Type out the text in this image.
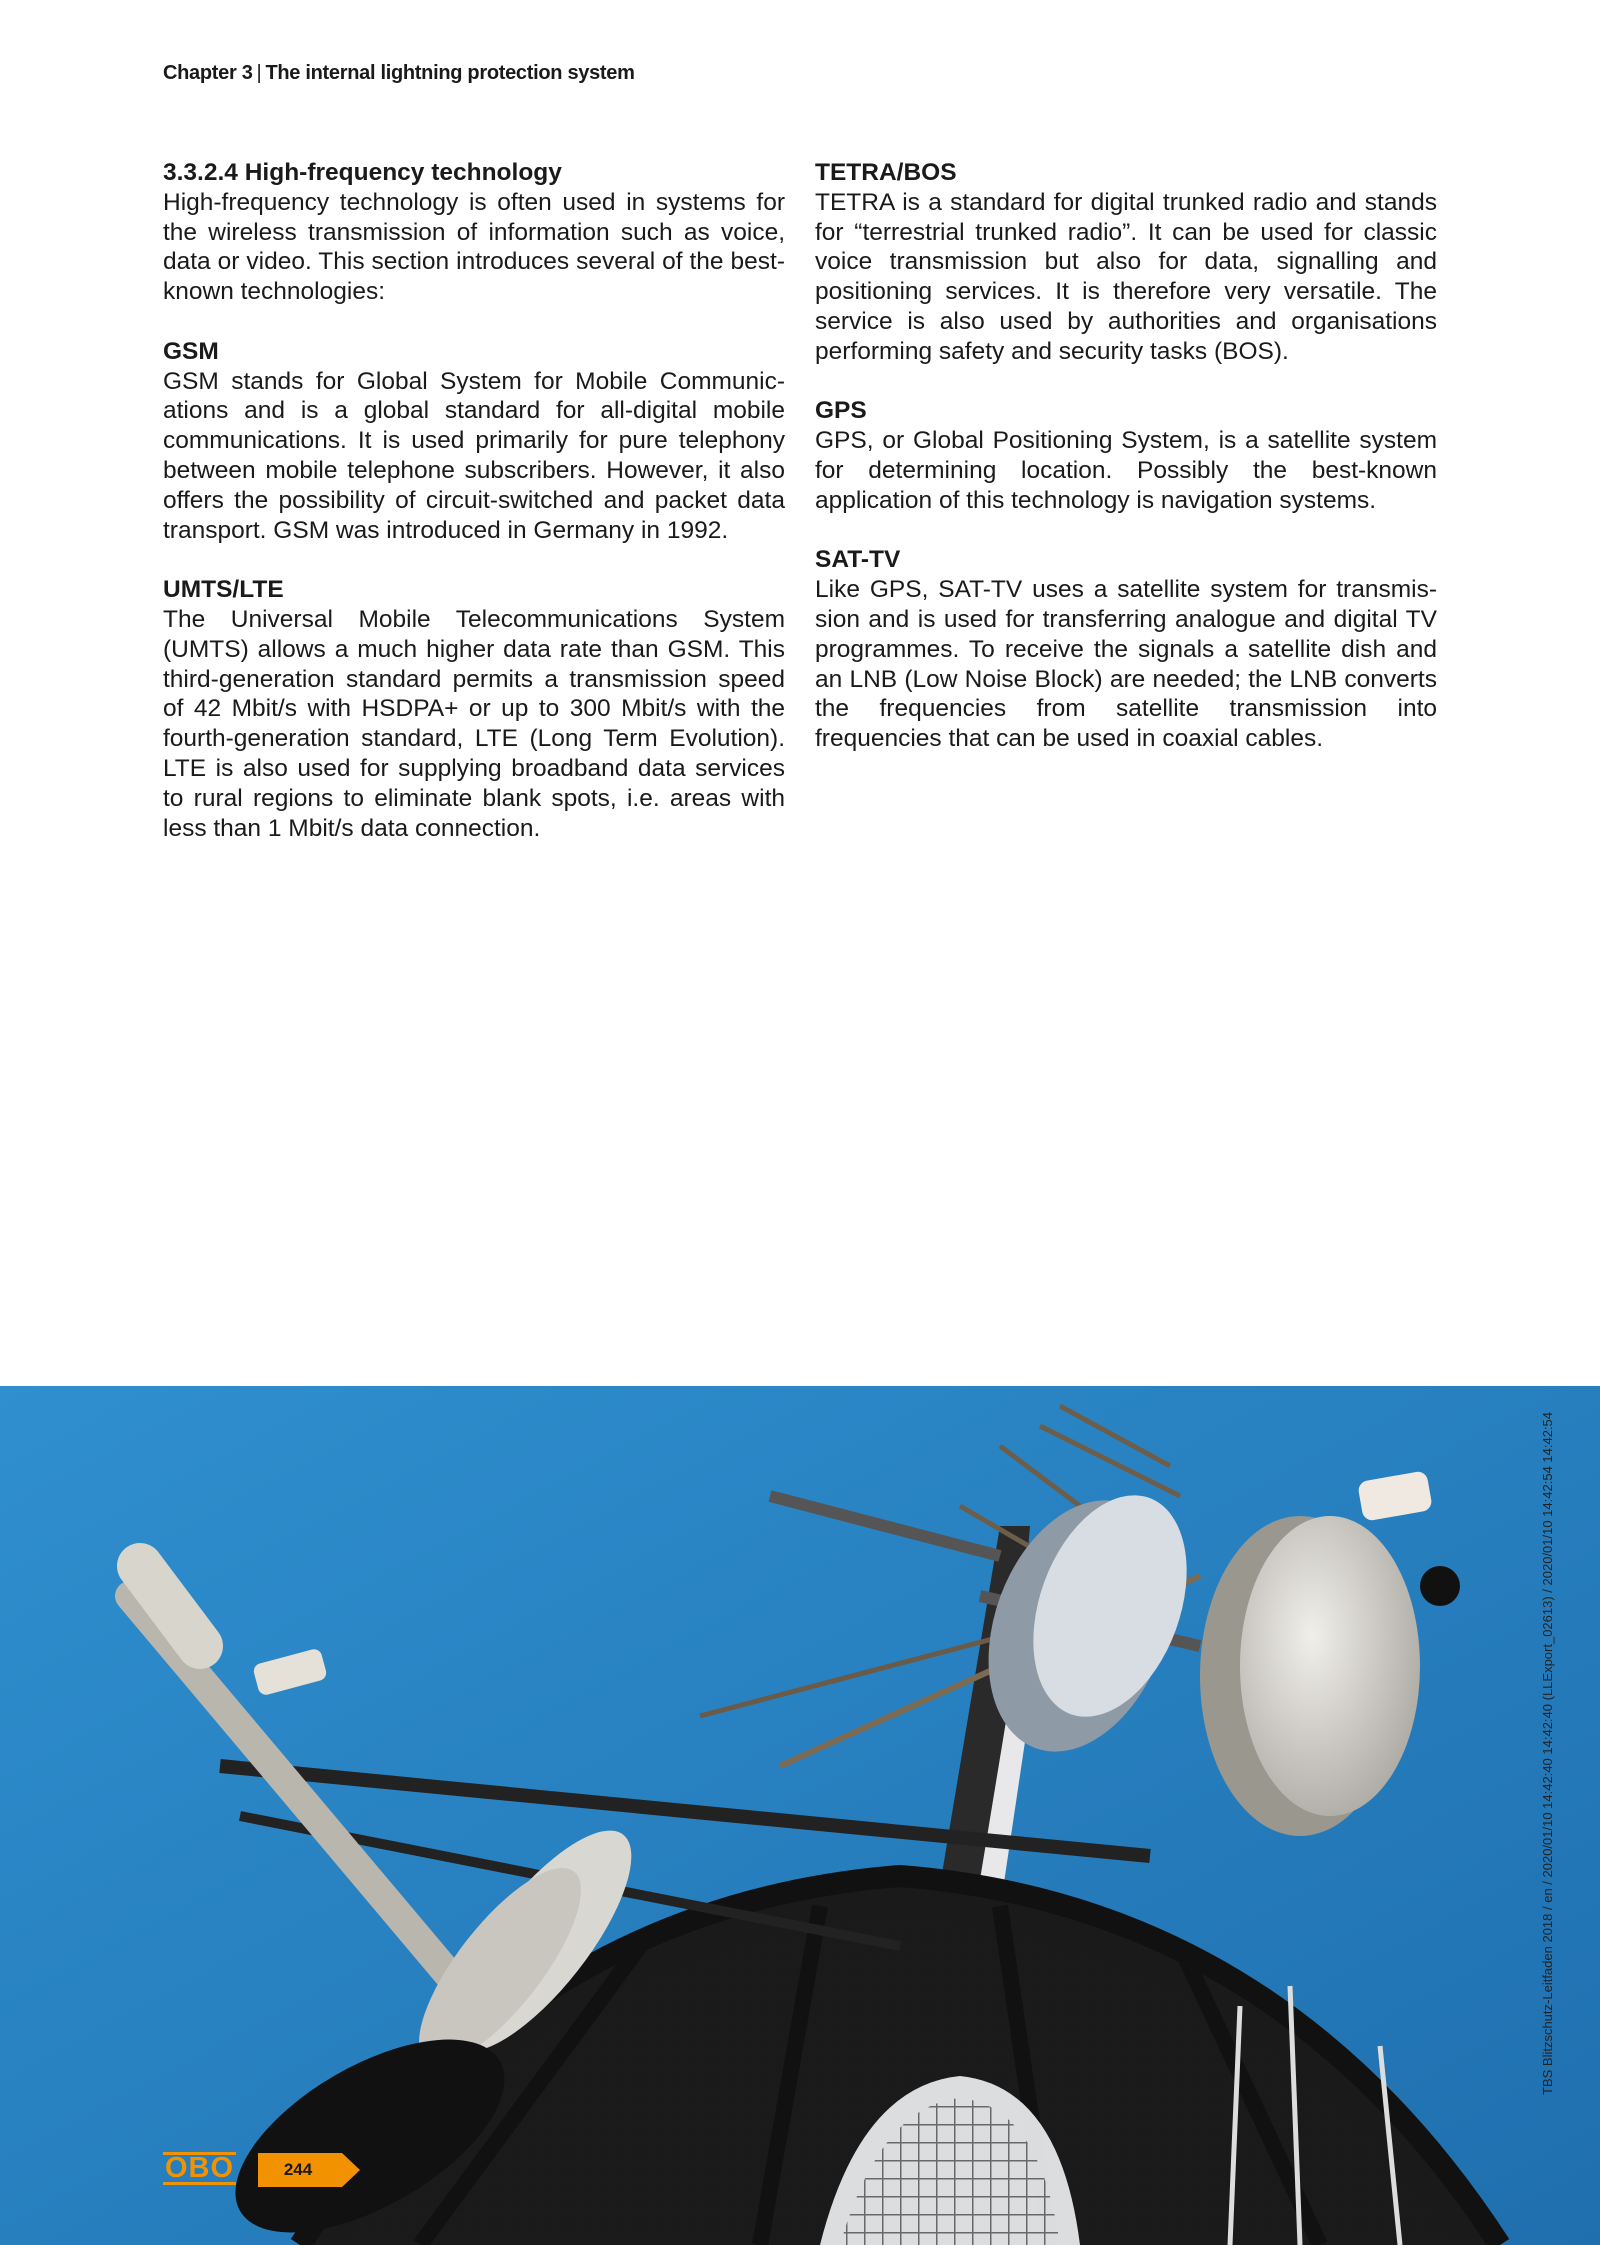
Chapter 3 | The internal lightning protection system
3.3.2.4 High-frequency technology

High-frequency technology is often used in systems for the wireless transmission of information such as voice, data or video. This section introduces several of the best-known technologies:

GSM

GSM stands for Global System for Mobile Communications and is a global standard for all-digital mobile communications. It is used primarily for pure telephony between mobile telephone subscribers. However, it also offers the possibility of circuit-switched and packet data transport. GSM was introduced in Germany in 1992.

UMTS/LTE

The Universal Mobile Telecommunications System (UMTS) allows a much higher data rate than GSM. This third-generation standard permits a transmission speed of 42 Mbit/s with HSDPA+ or up to 300 Mbit/s with the fourth-generation standard, LTE (Long Term Evolution). LTE is also used for supplying broadband data services to rural regions to eliminate blank spots, i.e. areas with less than 1 Mbit/s data connection.

TETRA/BOS

TETRA is a standard for digital trunked radio and stands for “terrestrial trunked radio”. It can be used for classic voice transmission but also for data, signalling and positioning services. It is therefore very versatile. The service is also used by authorities and organisations performing safety and security tasks (BOS).

GPS

GPS, or Global Positioning System, is a satellite system for determining location. Possibly the best-known application of this technology is navigation systems.

SAT-TV

Like GPS, SAT-TV uses a satellite system for transmission and is used for transferring analogue and digital TV programmes. To receive the signals a satellite dish and an LNB (Low Noise Block) are needed; the LNB converts the frequencies from satellite transmission into frequencies that can be used in coaxial cables.

OBO	244
TBS Blitzschutz-Leitfaden 2018 / en / 2020/01/10 14:42:40 14:42:40 (LLExport_02613) / 2020/01/10 14:42:54 14:42:54
